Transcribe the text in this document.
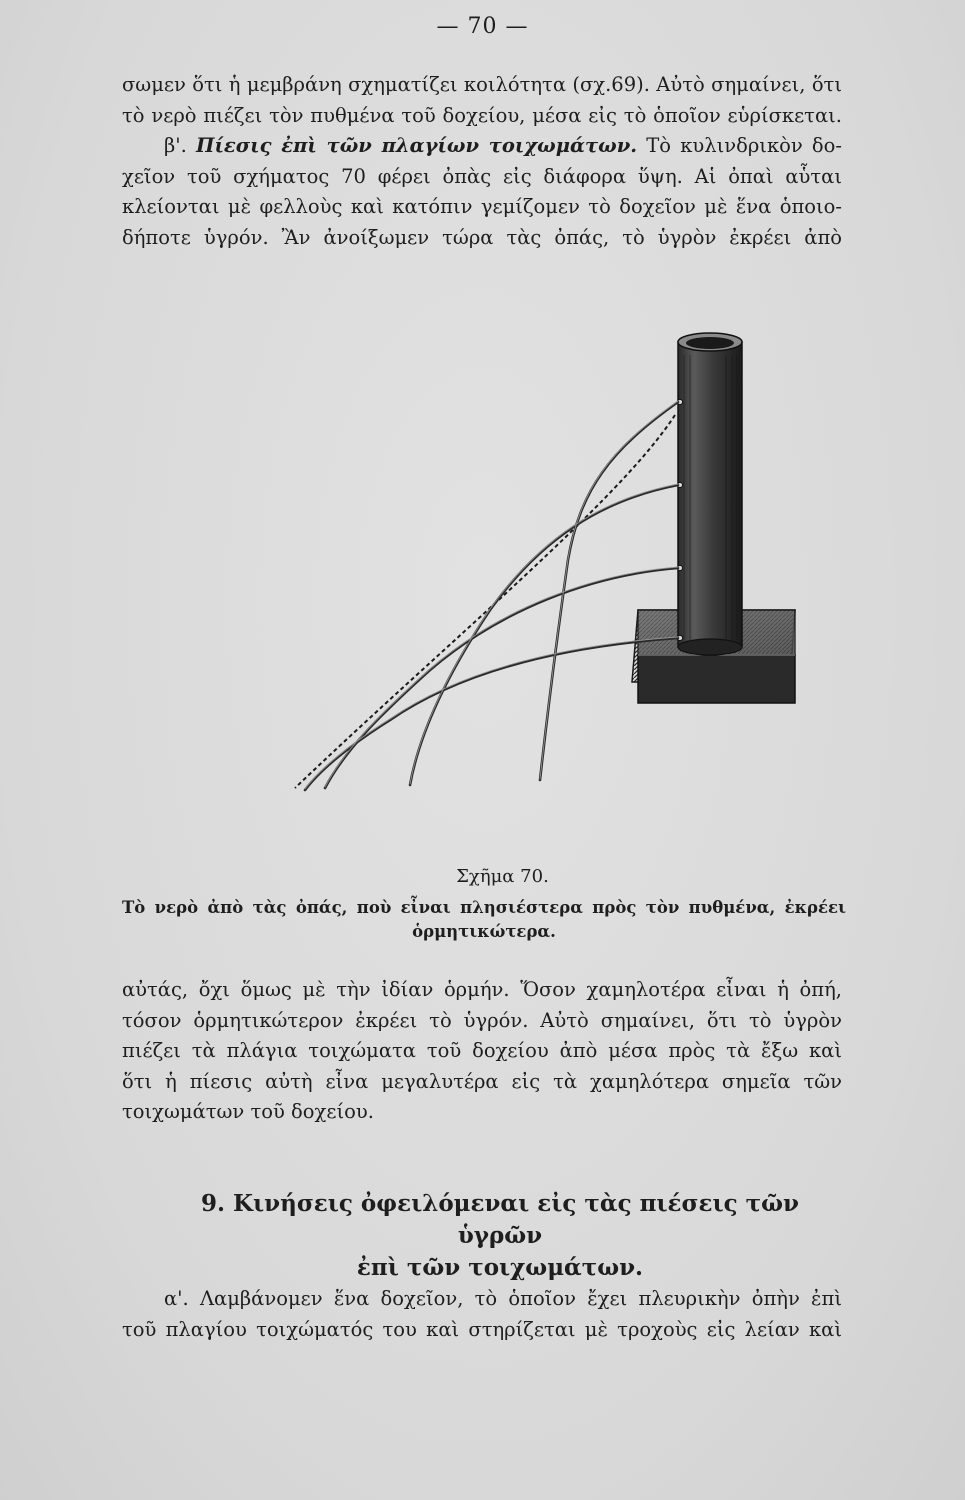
— 70 —
σωμεν ὅτι ἡ μεμβράνη σχηματίζει κοιλότητα (σχ.69). Αὐτὸ σημαίνει, ὅτι
τὸ νερὸ πιέζει τὸν πυθμένα τοῦ δοχείου, μέσα εἰς τὸ ὁποῖον εὑρίσκεται.
β'. Πίεσις ἐπὶ τῶν πλαγίων τοιχωμάτων. Τὸ κυλινδρικὸν δο-
χεῖον τοῦ σχήματος 70 φέρει ὀπὰς εἰς διάφορα ὕψη. Αἱ ὀπαὶ αὗται
κλείονται μὲ φελλοὺς καὶ κατόπιν γεμίζομεν τὸ δοχεῖον μὲ ἕνα ὁποιο-
δήποτε ὑγρόν. Ἂν ἀνοίξωμεν τώρα τὰς ὀπάς, τὸ ὑγρὸν ἐκρέει ἀπὸ
Σχῆμα 70.
Τὸ νερὸ ἀπὸ τὰς ὀπάς, ποὺ εἶναι πλησιέστερα πρὸς τὸν πυθμένα, ἐκρέει
ὁρμητικώτερα.
αὐτάς, ὄχι ὅμως μὲ τὴν ἰδίαν ὁρμήν. Ὅσον χαμηλοτέρα εἶναι ἡ ὀπή,
τόσον ὁρμητικώτερον ἐκρέει τὸ ὑγρόν. Αὐτὸ σημαίνει, ὅτι τὸ ὑγρὸν
πιέζει τὰ πλάγια τοιχώματα τοῦ δοχείου ἀπὸ μέσα πρὸς τὰ ἔξω καὶ
ὅτι ἡ πίεσις αὐτὴ εἶνα μεγαλυτέρα εἰς τὰ χαμηλότερα σημεῖα τῶν
τοιχωμάτων τοῦ δοχείου.
9. Κινήσεις ὀφειλόμεναι εἰς τὰς πιέσεις τῶν ὑγρῶν
ἐπὶ τῶν τοιχωμάτων.
α'. Λαμβάνομεν ἕνα δοχεῖον, τὸ ὁποῖον ἔχει πλευρικὴν ὀπὴν ἐπὶ
τοῦ πλαγίου τοιχώματός του καὶ στηρίζεται μὲ τροχοὺς εἰς λείαν καὶ
